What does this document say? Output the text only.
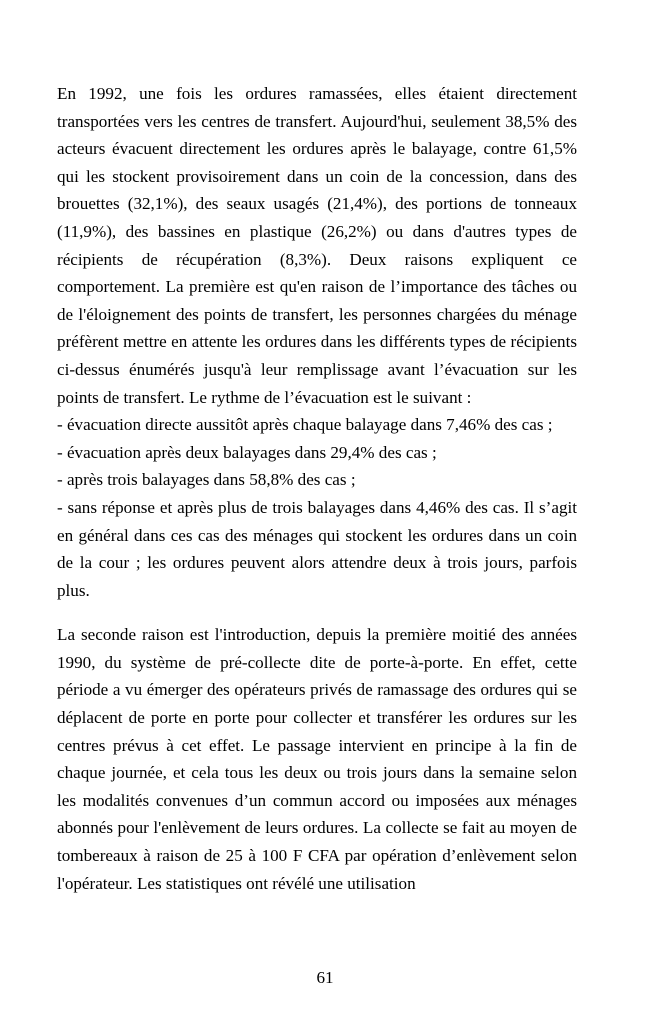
En 1992, une fois les ordures ramassées, elles étaient directement transportées vers les centres de transfert. Aujourd'hui, seulement 38,5% des acteurs évacuent directement les ordures après le balayage, contre 61,5% qui les stockent provisoirement dans un coin de la concession, dans des brouettes (32,1%), des seaux usagés (21,4%), des portions de tonneaux (11,9%), des bassines en plastique (26,2%) ou dans d'autres types de récipients de récupération (8,3%). Deux raisons expliquent ce comportement. La première est qu'en raison de l’importance des tâches ou de l'éloignement des points de transfert, les personnes chargées du ménage préfèrent mettre en attente les ordures dans les différents types de récipients ci-dessus énumérés jusqu'à leur remplissage avant l’évacuation sur les points de transfert. Le rythme de l’évacuation est le suivant :

- évacuation directe aussitôt après chaque balayage dans 7,46% des cas ;

- évacuation après deux balayages dans 29,4% des cas ;

- après trois balayages dans 58,8% des cas ;

- sans réponse et après plus de trois balayages dans 4,46% des cas. Il s’agit en général dans ces cas des ménages qui stockent les ordures dans un coin de la cour ; les ordures peuvent alors attendre deux à trois jours, parfois plus.

La seconde raison est l'introduction, depuis la première moitié des années 1990, du système de pré-collecte dite de porte-à-porte. En effet, cette période a vu émerger des opérateurs privés de ramassage des ordures qui se déplacent de porte en porte pour collecter et transférer les ordures sur les centres prévus à cet effet. Le passage intervient en principe à la fin de chaque journée, et cela tous les deux ou trois jours dans la semaine selon les modalités convenues d’un commun accord ou imposées aux ménages abonnés pour l'enlèvement de leurs ordures. La collecte se fait au moyen de tombereaux à raison de 25 à 100 F CFA par opération d’enlèvement selon l'opérateur. Les statistiques ont révélé une utilisation

61
